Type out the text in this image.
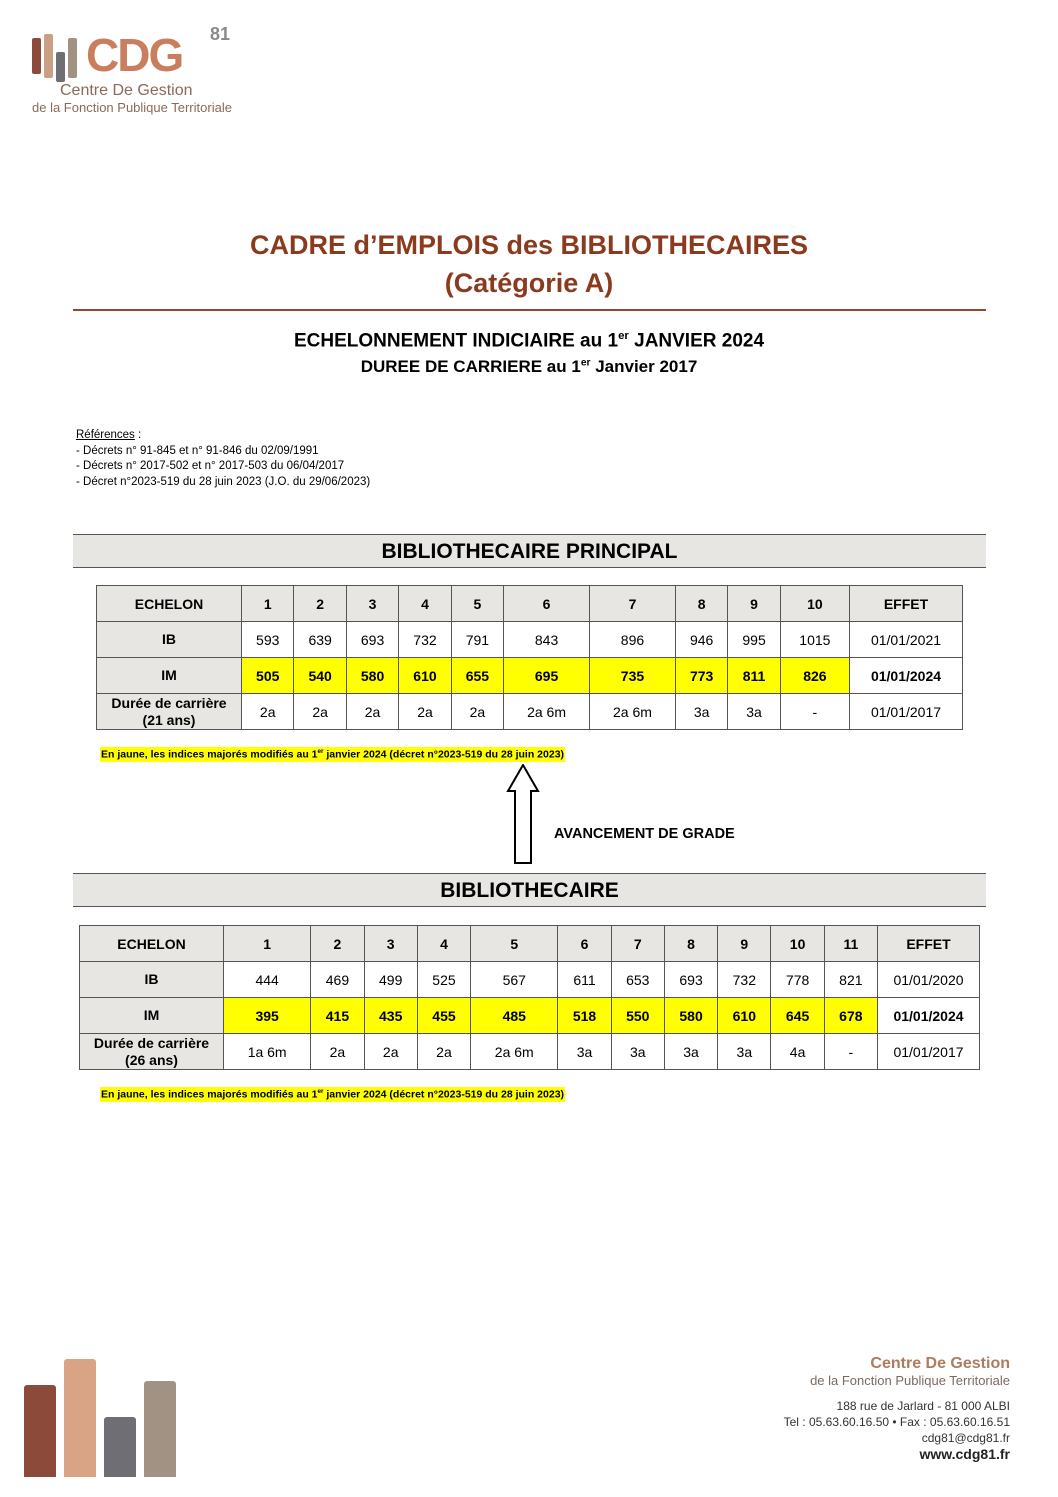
CDG 81
Centre De Gestion
de la Fonction Publique Territoriale
CADRE d’EMPLOIS des BIBLIOTHECAIRES
(Catégorie A)
ECHELONNEMENT INDICIAIRE au 1er JANVIER 2024
DUREE DE CARRIERE au 1er Janvier 2017
Références :
- Décrets n° 91-845 et n° 91-846 du 02/09/1991
- Décrets n° 2017-502 et n° 2017-503 du 06/04/2017
- Décret n°2023-519 du 28 juin 2023 (J.O. du 29/06/2023)
BIBLIOTHECAIRE PRINCIPAL
ECHELON	1	2	3	4	5	6	7	8	9	10	EFFET
IB	593	639	693	732	791	843	896	946	995	1015	01/01/2021
IM	505	540	580	610	655	695	735	773	811	826	01/01/2024

Durée de carrière
(21 ans)	2a	2a	2a	2a	2a	2a 6m	2a 6m	3a	3a	-	01/01/2017
En jaune, les indices majorés modifiés au 1er janvier 2024 (décret n°2023-519 du 28 juin 2023)
AVANCEMENT DE GRADE
BIBLIOTHECAIRE
ECHELON	1	2	3	4	5	6	7	8	9	10	11	EFFET
IB	444	469	499	525	567	611	653	693	732	778	821	01/01/2020
IM	395	415	435	455	485	518	550	580	610	645	678	01/01/2024

Durée de carrière
(26 ans)	1a 6m	2a	2a	2a	2a 6m	3a	3a	3a	3a	4a	-	01/01/2017
En jaune, les indices majorés modifiés au 1er janvier 2024 (décret n°2023-519 du 28 juin 2023)
Centre De Gestion
de la Fonction Publique Territoriale
188 rue de Jarlard - 81 000 ALBI
Tel : 05.63.60.16.50 • Fax : 05.63.60.16.51
cdg81@cdg81.fr
www.cdg81.fr
